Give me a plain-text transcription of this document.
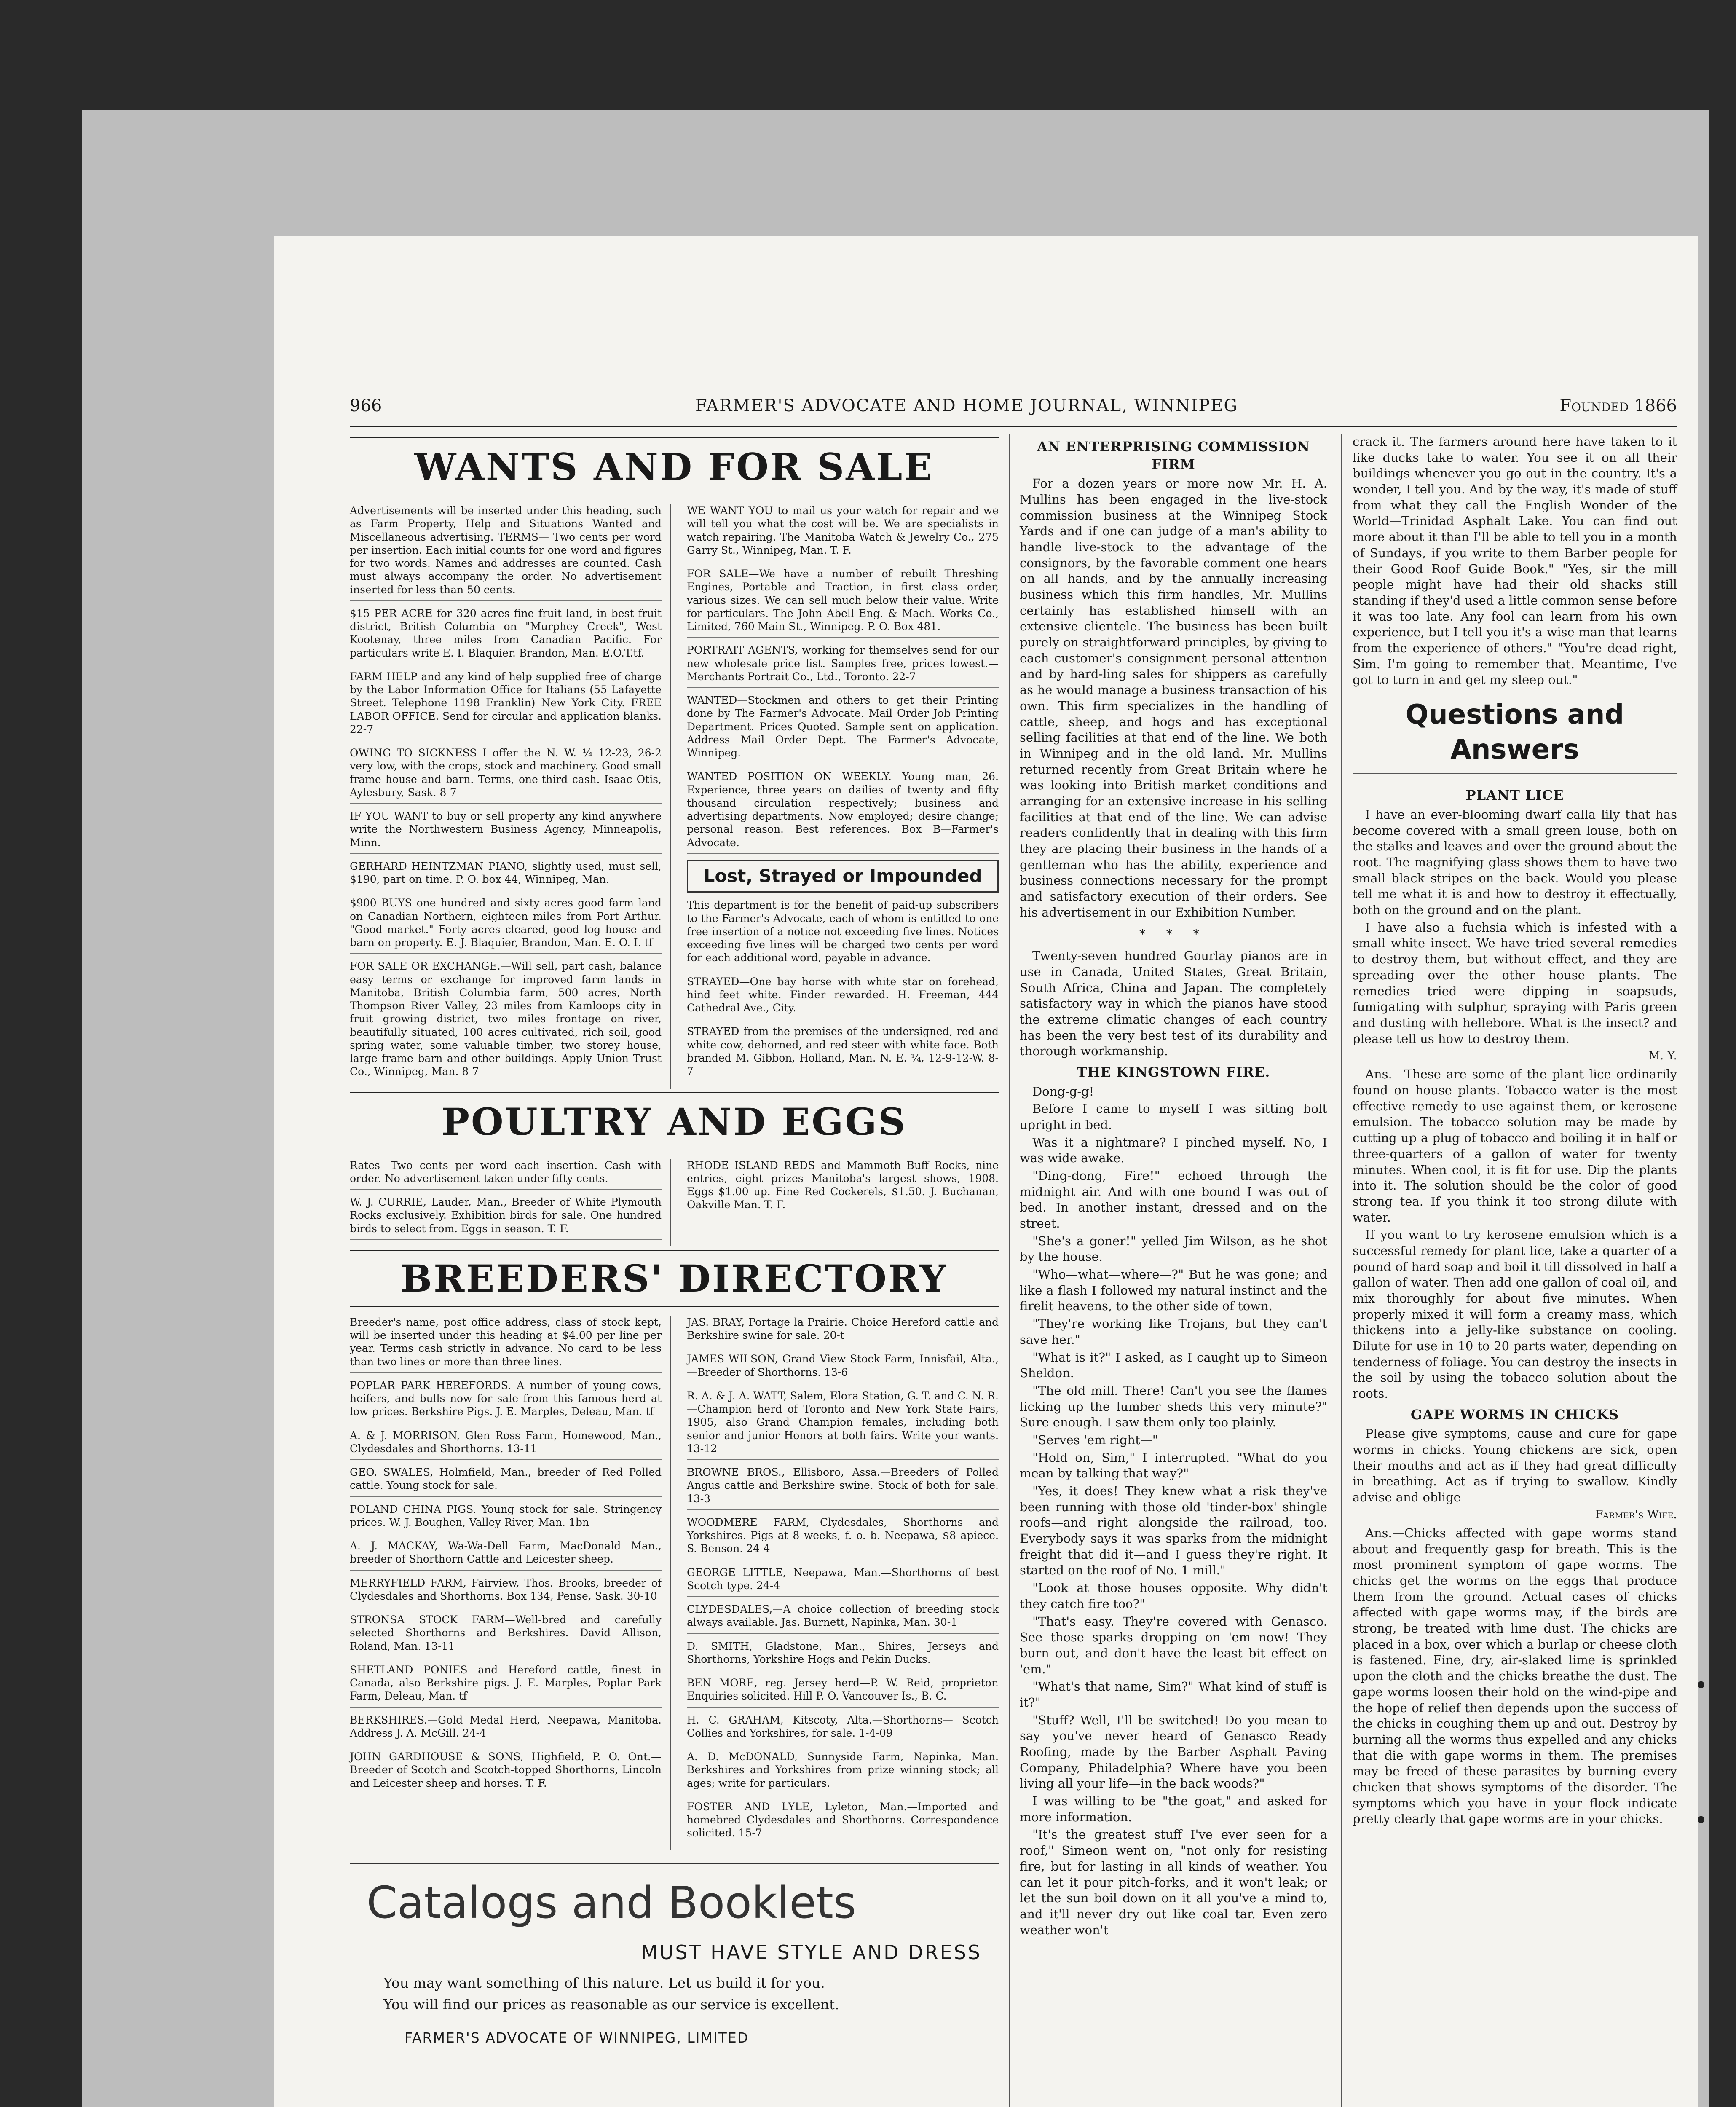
966	FARMER'S ADVOCATE AND HOME JOURNAL, WINNIPEG	Founded 1866
WANTS AND FOR SALE

Advertisements will be inserted under this heading, such as Farm Property, Help and Situations Wanted and Miscellaneous advertising. TERMS— Two cents per word per insertion. Each initial counts for one word and figures for two words. Names and addresses are counted. Cash must always accompany the order. No advertisement inserted for less than 50 cents.

$15 PER ACRE for 320 acres fine fruit land, in best fruit district, British Columbia on "Murphey Creek", West Kootenay, three miles from Canadian Pacific. For particulars write E. I. Blaquier. Brandon, Man. E.O.T.tf.

FARM HELP and any kind of help supplied free of charge by the Labor Information Office for Italians (55 Lafayette Street. Telephone 1198 Franklin) New York City. FREE LABOR OFFICE. Send for circular and application blanks. 22-7

OWING TO SICKNESS I offer the N. W. ¼ 12-23, 26-2 very low, with the crops, stock and machinery. Good small frame house and barn. Terms, one-third cash. Isaac Otis, Aylesbury, Sask. 8-7

IF YOU WANT to buy or sell property any kind anywhere write the Northwestern Business Agency, Minneapolis, Minn.

GERHARD HEINTZMAN PIANO, slightly used, must sell, $190, part on time. P. O. box 44, Winnipeg, Man.

$900 BUYS one hundred and sixty acres good farm land on Canadian Northern, eighteen miles from Port Arthur. "Good market." Forty acres cleared, good log house and barn on property. E. J. Blaquier, Brandon, Man. E. O. I. tf

FOR SALE OR EXCHANGE.—Will sell, part cash, balance easy terms or exchange for improved farm lands in Manitoba, British Columbia farm, 500 acres, North Thompson River Valley, 23 miles from Kamloops city in fruit growing district, two miles frontage on river, beautifully situated, 100 acres cultivated, rich soil, good spring water, some valuable timber, two storey house, large frame barn and other buildings. Apply Union Trust Co., Winnipeg, Man. 8-7

WE WANT YOU to mail us your watch for repair and we will tell you what the cost will be. We are specialists in watch repairing. The Manitoba Watch & Jewelry Co., 275 Garry St., Winnipeg, Man. T. F.

FOR SALE—We have a number of rebuilt Threshing Engines, Portable and Traction, in first class order, various sizes. We can sell much below their value. Write for particulars. The John Abell Eng. & Mach. Works Co., Limited, 760 Main St., Winnipeg. P. O. Box 481.

PORTRAIT AGENTS, working for themselves send for our new wholesale price list. Samples free, prices lowest.—Merchants Portrait Co., Ltd., Toronto. 22-7

WANTED—Stockmen and others to get their Printing done by The Farmer's Advocate. Mail Order Job Printing Department. Prices Quoted. Sample sent on application. Address Mail Order Dept. The Farmer's Advocate, Winnipeg.

WANTED POSITION ON WEEKLY.—Young man, 26. Experience, three years on dailies of twenty and fifty thousand circulation respectively; business and advertising departments. Now employed; desire change; personal reason. Best references. Box B—Farmer's Advocate.

Lost, Strayed or Impounded

This department is for the benefit of paid-up subscribers to the Farmer's Advocate, each of whom is entitled to one free insertion of a notice not exceeding five lines. Notices exceeding five lines will be charged two cents per word for each additional word, payable in advance.

STRAYED—One bay horse with white star on forehead, hind feet white. Finder rewarded. H. Freeman, 444 Cathedral Ave., City.

STRAYED from the premises of the undersigned, red and white cow, dehorned, and red steer with white face. Both branded M. Gibbon, Holland, Man. N. E. ¼, 12-9-12-W. 8-7

POULTRY AND EGGS

Rates—Two cents per word each insertion. Cash with order. No advertisement taken under fifty cents.

W. J. CURRIE, Lauder, Man., Breeder of White Plymouth Rocks exclusively. Exhibition birds for sale. One hundred birds to select from. Eggs in season. T. F.

RHODE ISLAND REDS and Mammoth Buff Rocks, nine entries, eight prizes Manitoba's largest shows, 1908. Eggs $1.00 up. Fine Red Cockerels, $1.50. J. Buchanan, Oakville Man. T. F.

BREEDERS' DIRECTORY

Breeder's name, post office address, class of stock kept, will be inserted under this heading at $4.00 per line per year. Terms cash strictly in advance. No card to be less than two lines or more than three lines.

POPLAR PARK HEREFORDS. A number of young cows, heifers, and bulls now for sale from this famous herd at low prices. Berkshire Pigs. J. E. Marples, Deleau, Man. tf

A. & J. MORRISON, Glen Ross Farm, Homewood, Man., Clydesdales and Shorthorns. 13-11

GEO. SWALES, Holmfield, Man., breeder of Red Polled cattle. Young stock for sale.

POLAND CHINA PIGS. Young stock for sale. Stringency prices. W. J. Boughen, Valley River, Man. 1bn

A. J. MACKAY, Wa-Wa-Dell Farm, MacDonald Man., breeder of Shorthorn Cattle and Leicester sheep.

MERRYFIELD FARM, Fairview, Thos. Brooks, breeder of Clydesdales and Shorthorns. Box 134, Pense, Sask. 30-10

STRONSA STOCK FARM—Well-bred and carefully selected Shorthorns and Berkshires. David Allison, Roland, Man. 13-11

SHETLAND PONIES and Hereford cattle, finest in Canada, also Berkshire pigs. J. E. Marples, Poplar Park Farm, Deleau, Man. tf

BERKSHIRES.—Gold Medal Herd, Neepawa, Manitoba. Address J. A. McGill. 24-4

JOHN GARDHOUSE & SONS, Highfield, P. O. Ont.—Breeder of Scotch and Scotch-topped Shorthorns, Lincoln and Leicester sheep and horses. T. F.

JAS. BRAY, Portage la Prairie. Choice Hereford cattle and Berkshire swine for sale. 20-t

JAMES WILSON, Grand View Stock Farm, Innisfail, Alta.,—Breeder of Shorthorns. 13-6

R. A. & J. A. WATT, Salem, Elora Station, G. T. and C. N. R.—Champion herd of Toronto and New York State Fairs, 1905, also Grand Champion females, including both senior and junior Honors at both fairs. Write your wants. 13-12

BROWNE BROS., Ellisboro, Assa.—Breeders of Polled Angus cattle and Berkshire swine. Stock of both for sale. 13-3

WOODMERE FARM,—Clydesdales, Shorthorns and Yorkshires. Pigs at 8 weeks, f. o. b. Neepawa, $8 apiece. S. Benson. 24-4

GEORGE LITTLE, Neepawa, Man.—Shorthorns of best Scotch type. 24-4

CLYDESDALES,—A choice collection of breeding stock always available. Jas. Burnett, Napinka, Man. 30-1

D. SMITH, Gladstone, Man., Shires, Jerseys and Shorthorns, Yorkshire Hogs and Pekin Ducks.

BEN MORE, reg. Jersey herd—P. W. Reid, proprietor. Enquiries solicited. Hill P. O. Vancouver Is., B. C.

H. C. GRAHAM, Kitscoty, Alta.—Shorthorns— Scotch Collies and Yorkshires, for sale. 1-4-09

A. D. McDONALD, Sunnyside Farm, Napinka, Man. Berkshires and Yorkshires from prize winning stock; all ages; write for particulars.

FOSTER AND LYLE, Lyleton, Man.—Imported and homebred Clydesdales and Shorthorns. Correspondence solicited. 15-7

Catalogs and Booklets
MUST HAVE STYLE AND DRESS
You may want something of this nature. Let us build it for you.
You will find our prices as reasonable as our service is excellent.
FARMER'S ADVOCATE OF WINNIPEG, LIMITED
AN ENTERPRISING COMMISSION FIRM

For a dozen years or more now Mr. H. A. Mullins has been engaged in the live-stock commission business at the Winnipeg Stock Yards and if one can judge of a man's ability to handle live-stock to the advantage of the consignors, by the favorable comment one hears on all hands, and by the annually increasing business which this firm handles, Mr. Mullins certainly has established himself with an extensive clientele. The business has been built purely on straightforward principles, by giving to each customer's consignment personal attention and by hard-ling sales for shippers as carefully as he would manage a business transaction of his own. This firm specializes in the handling of cattle, sheep, and hogs and has exceptional selling facilities at that end of the line. We both in Winnipeg and in the old land. Mr. Mullins returned recently from Great Britain where he was looking into British market conditions and arranging for an extensive increase in his selling facilities at that end of the line. We can advise readers confidently that in dealing with this firm they are placing their business in the hands of a gentleman who has the ability, experience and business connections necessary for the prompt and satisfactory execution of their orders. See his advertisement in our Exhibition Number.

* * *

Twenty-seven hundred Gourlay pianos are in use in Canada, United States, Great Britain, South Africa, China and Japan. The completely satisfactory way in which the pianos have stood the extreme climatic changes of each country has been the very best test of its durability and thorough workmanship.

THE KINGSTOWN FIRE.

Dong-g-g!

Before I came to myself I was sitting bolt upright in bed.

Was it a nightmare? I pinched myself. No, I was wide awake.

"Ding-dong, Fire!" echoed through the midnight air. And with one bound I was out of bed. In another instant, dressed and on the street.

"She's a goner!" yelled Jim Wilson, as he shot by the house.

"Who—what—where—?" But he was gone; and like a flash I followed my natural instinct and the firelit heavens, to the other side of town.

"They're working like Trojans, but they can't save her."

"What is it?" I asked, as I caught up to Simeon Sheldon.

"The old mill. There! Can't you see the flames licking up the lumber sheds this very minute?" Sure enough. I saw them only too plainly.

"Serves 'em right—"

"Hold on, Sim," I interrupted. "What do you mean by talking that way?"

"Yes, it does! They knew what a risk they've been running with those old 'tinder-box' shingle roofs—and right alongside the railroad, too. Everybody says it was sparks from the midnight freight that did it—and I guess they're right. It started on the roof of No. 1 mill."

"Look at those houses opposite. Why didn't they catch fire too?"

"That's easy. They're covered with Genasco. See those sparks dropping on 'em now! They burn out, and don't have the least bit effect on 'em."

"What's that name, Sim?" What kind of stuff is it?"

"Stuff? Well, I'll be switched! Do you mean to say you've never heard of Genasco Ready Roofing, made by the Barber Asphalt Paving Company, Philadelphia? Where have you been living all your life—in the back woods?"

I was willing to be "the goat," and asked for more information.

"It's the greatest stuff I've ever seen for a roof," Simeon went on, "not only for resisting fire, but for lasting in all kinds of weather. You can let it pour pitch-forks, and it won't leak; or let the sun boil down on it all you've a mind to, and it'll never dry out like coal tar. Even zero weather won't

crack it. The farmers around here have taken to it like ducks take to water. You see it on all their buildings whenever you go out in the country. It's a wonder, I tell you. And by the way, it's made of stuff from what they call the English Wonder of the World—Trinidad Asphalt Lake. You can find out more about it than I'll be able to tell you in a month of Sundays, if you write to them Barber people for their Good Roof Guide Book." "Yes, sir the mill people might have had their old shacks still standing if they'd used a little common sense before it was too late. Any fool can learn from his own experience, but I tell you it's a wise man that learns from the experience of others." "You're dead right, Sim. I'm going to remember that. Meantime, I've got to turn in and get my sleep out."

Questions and Answers
PLANT LICE

I have an ever-blooming dwarf calla lily that has become covered with a small green louse, both on the stalks and leaves and over the ground about the root. The magnifying glass shows them to have two small black stripes on the back. Would you please tell me what it is and how to destroy it effectually, both on the ground and on the plant.

I have also a fuchsia which is infested with a small white insect. We have tried several remedies to destroy them, but without effect, and they are spreading over the other house plants. The remedies tried were dipping in soapsuds, fumigating with sulphur, spraying with Paris green and dusting with hellebore. What is the insect? and please tell us how to destroy them.

M. Y.

Ans.—These are some of the plant lice ordinarily found on house plants. Tobacco water is the most effective remedy to use against them, or kerosene emulsion. The tobacco solution may be made by cutting up a plug of tobacco and boiling it in half or three-quarters of a gallon of water for twenty minutes. When cool, it is fit for use. Dip the plants into it. The solution should be the color of good strong tea. If you think it too strong dilute with water.

If you want to try kerosene emulsion which is a successful remedy for plant lice, take a quarter of a pound of hard soap and boil it till dissolved in half a gallon of water. Then add one gallon of coal oil, and mix thoroughly for about five minutes. When properly mixed it will form a creamy mass, which thickens into a jelly-like substance on cooling. Dilute for use in 10 to 20 parts water, depending on tenderness of foliage. You can destroy the insects in the soil by using the tobacco solution about the roots.

GAPE WORMS IN CHICKS

Please give symptoms, cause and cure for gape worms in chicks. Young chickens are sick, open their mouths and act as if they had great difficulty in breathing. Act as if trying to swallow. Kindly advise and oblige

Farmer's Wife.

Ans.—Chicks affected with gape worms stand about and frequently gasp for breath. This is the most prominent symptom of gape worms. The chicks get the worms on the eggs that produce them from the ground. Actual cases of chicks affected with gape worms may, if the birds are strong, be treated with lime dust. The chicks are placed in a box, over which a burlap or cheese cloth is fastened. Fine, dry, air-slaked lime is sprinkled upon the cloth and the chicks breathe the dust. The gape worms loosen their hold on the wind-pipe and the hope of relief then depends upon the success of the chicks in coughing them up and out. Destroy by burning all the worms thus expelled and any chicks that die with gape worms in them. The premises may be freed of these parasites by burning every chicken that shows symptoms of the disorder. The symptoms which you have in your flock indicate pretty clearly that gape worms are in your chicks.
